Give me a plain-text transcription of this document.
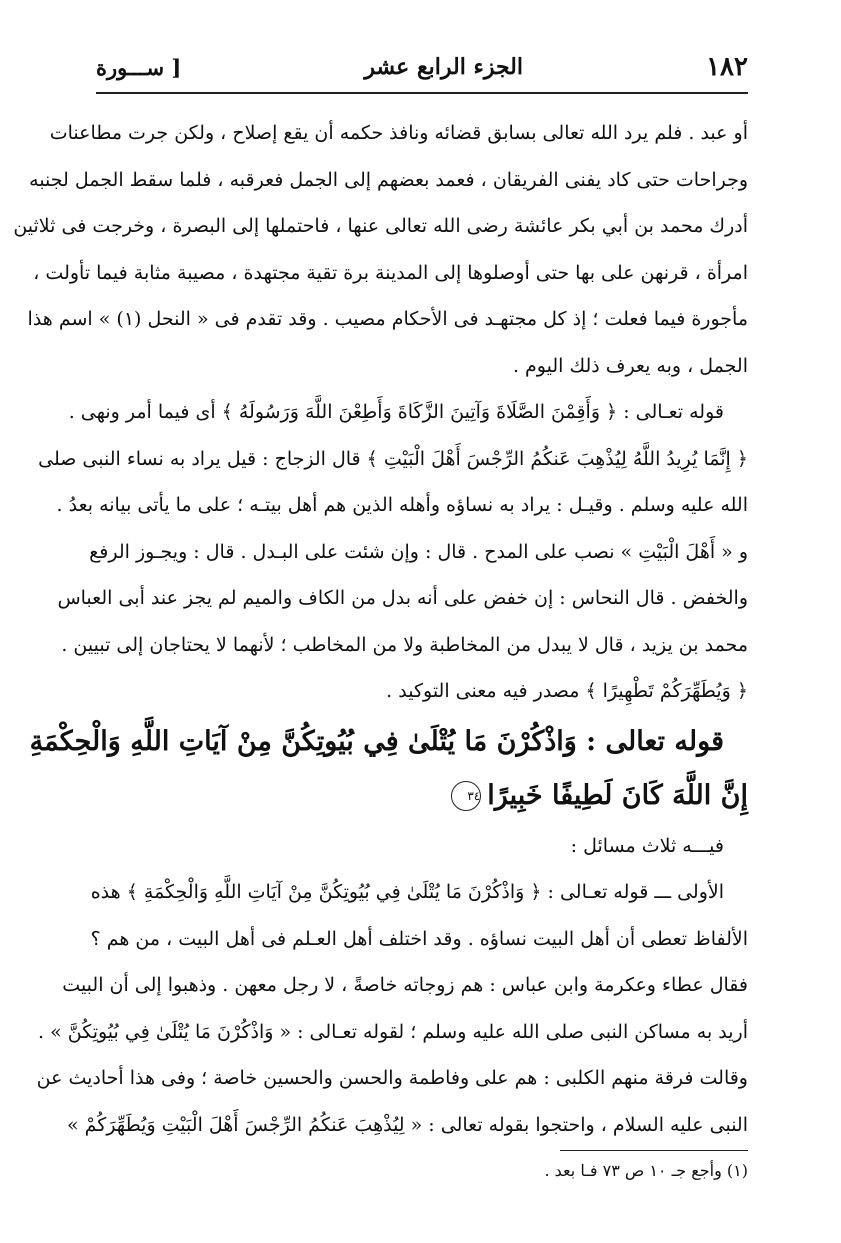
١٨٢
الجزء الرابع عشر
[ ســـورة
أو عبد . فلم يرد الله تعالى بسابق قضائه ونافذ حكمه أن يقع إصلاح ، ولكن جرت مطاعنات
وجراحات حتى كاد يفنى الفريقان ، فعمد بعضهم إلى الجمل فعرقبه ، فلما سقط الجمل لجنبه
أدرك محمد بن أبي بكر عائشة رضى الله تعالى عنها ، فاحتملها إلى البصرة ، وخرجت فى ثلاثين
امرأة ، قرنهن على بها حتى أوصلوها إلى المدينة برة تقية مجتهدة ، مصيبة مثابة فيما تأولت ،
مأجورة فيما فعلت ؛ إذ كل مجتهـد فى الأحكام مصيب . وقد تقدم فى « النحل (١) » اسم هذا
الجمل ، وبه يعرف ذلك اليوم .
قوله تعـالى : ﴿ وَأَقِمْنَ الصَّلَاةَ وَآتِينَ الزَّكَاةَ وَأَطِعْنَ اللَّهَ وَرَسُولَهُ ﴾ أى فيما أمر ونهى .
﴿ إِنَّمَا يُرِيدُ اللَّهُ لِيُذْهِبَ عَنكُمُ الرِّجْسَ أَهْلَ الْبَيْتِ ﴾ قال الزجاج : قيل يراد به نساء النبى صلى
الله عليه وسلم . وقيـل : يراد به نساؤه وأهله الذين هم أهل بيتـه ؛ على ما يأتى بيانه بعدُ .
و « أَهْلَ الْبَيْتِ » نصب على المدح . قال : وإن شئت على البـدل . قال : ويجـوز الرفع
والخفض . قال النحاس : إن خفض على أنه بدل من الكاف والميم لم يجز عند أبى العباس
محمد بن يزيد ، قال لا يبدل من المخاطبة ولا من المخاطب ؛ لأنهما لا يحتاجان إلى تبيين .
﴿ وَيُطَهِّرَكُمْ تَطْهِيرًا ﴾ مصدر فيه معنى التوكيد .
قوله تعالى : وَاذْكُرْنَ مَا يُتْلَىٰ فِي بُيُوتِكُنَّ مِنْ آيَاتِ اللَّهِ وَالْحِكْمَةِ
إِنَّ اللَّهَ كَانَ لَطِيفًا خَبِيرًا٣٤
فيـــه ثلاث مسائل :
الأولى ـــ قوله تعـالى : ﴿ وَاذْكُرْنَ مَا يُتْلَىٰ فِي بُيُوتِكُنَّ مِنْ آيَاتِ اللَّهِ وَالْحِكْمَةِ ﴾ هذه
الألفاظ تعطى أن أهل البيت نساؤه . وقد اختلف أهل العـلم فى أهل البيت ، من هم ؟
فقال عطاء وعكرمة وابن عباس : هم زوجاته خاصةً ، لا رجل معهن . وذهبوا إلى أن البيت
أريد به مساكن النبى صلى الله عليه وسلم ؛ لقوله تعـالى : « وَاذْكُرْنَ مَا يُتْلَىٰ فِي بُيُوتِكُنَّ » .
وقالت فرقة منهم الكلبى : هم على وفاطمة والحسن والحسين خاصة ؛ وفى هذا أحاديث عن
النبى عليه السلام ، واحتجوا بقوله تعالى : « لِيُذْهِبَ عَنكُمُ الرِّجْسَ أَهْلَ الْبَيْتِ وَيُطَهِّرَكُمْ »
(١) وأجع جـ ١٠ ص ٧٣ فـا بعد .
